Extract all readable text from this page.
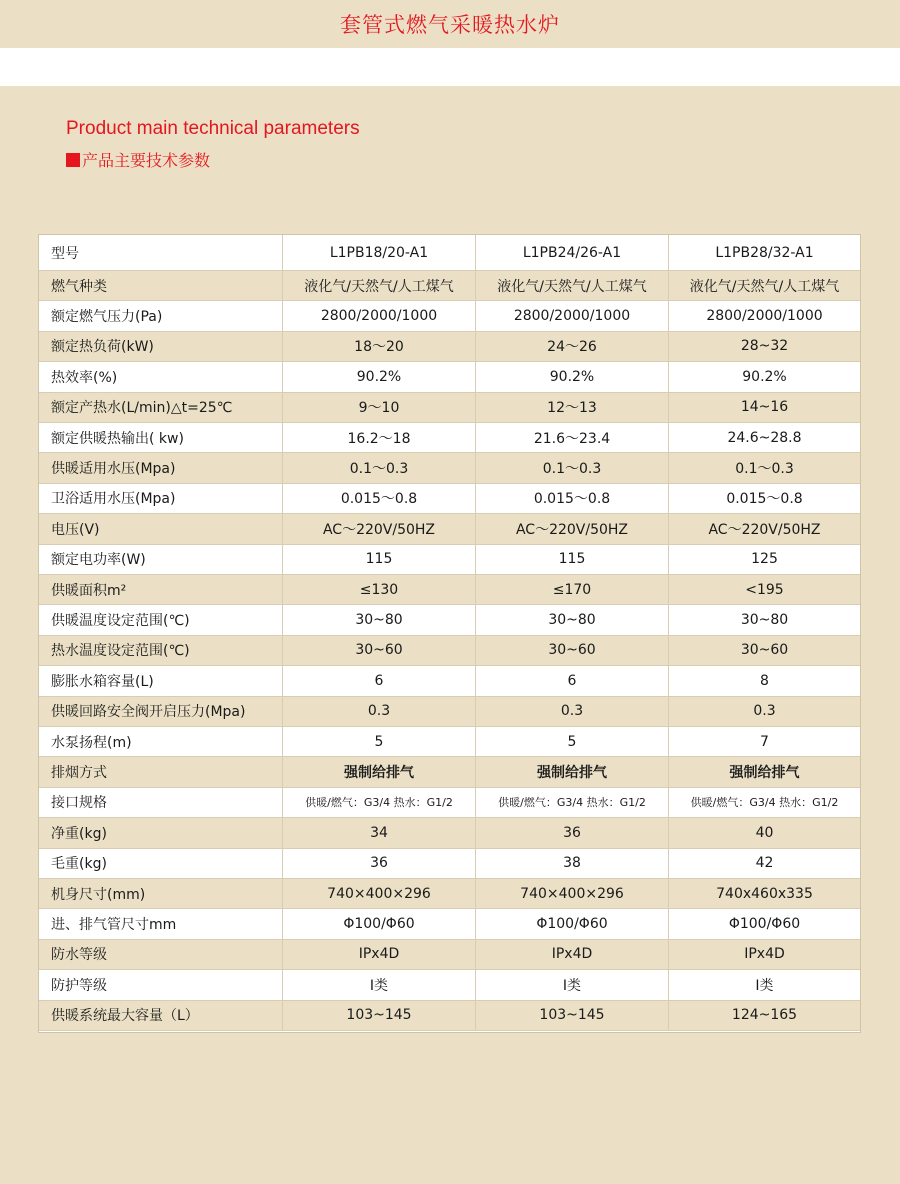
套管式燃气采暖热水炉
Product main technical parameters
产品主要技术参数
型号	L1PB18/20-A1	L1PB24/26-A1	L1PB28/32-A1
燃气种类	液化气/天然气/人工煤气	液化气/天然气/人工煤气	液化气/天然气/人工煤气
额定燃气压力(Pa)	2800/2000/1000	2800/2000/1000	2800/2000/1000
额定热负荷(kW)	18～20	24～26	28~32
热效率(%)	90.2%	90.2%	90.2%
额定产热水(L/min)△t=25℃	9～10	12～13	14~16
额定供暖热输出( kw)	16.2～18	21.6～23.4	24.6~28.8
供暖适用水压(Mpa)	0.1～0.3	0.1～0.3	0.1～0.3
卫浴适用水压(Mpa)	0.015～0.8	0.015～0.8	0.015～0.8
电压(V)	AC～220V/50HZ	AC～220V/50HZ	AC～220V/50HZ
额定电功率(W)	115	115	125
供暖面积m²	≤130	≤170	<195
供暖温度设定范围(℃)	30~80	30~80	30~80
热水温度设定范围(℃)	30~60	30~60	30~60
膨胀水箱容量(L)	6	6	8
供暖回路安全阀开启压力(Mpa)	0.3	0.3	0.3
水泵扬程(m)	5	5	7
排烟方式	强制给排气	强制给排气	强制给排气
接口规格	供暖/燃气：G3/4 热水：G1/2	供暖/燃气：G3/4 热水：G1/2	供暖/燃气：G3/4 热水：G1/2
净重(kg)	34	36	40
毛重(kg)	36	38	42
机身尺寸(mm)	740×400×296	740×400×296	740x460x335
进、排气管尺寸mm	Φ100/Φ60	Φ100/Φ60	Φ100/Φ60
防水等级	IPx4D	IPx4D	IPx4D
防护等级	Ⅰ类	Ⅰ类	Ⅰ类
供暖系统最大容量（L）	103~145	103~145	124~165
